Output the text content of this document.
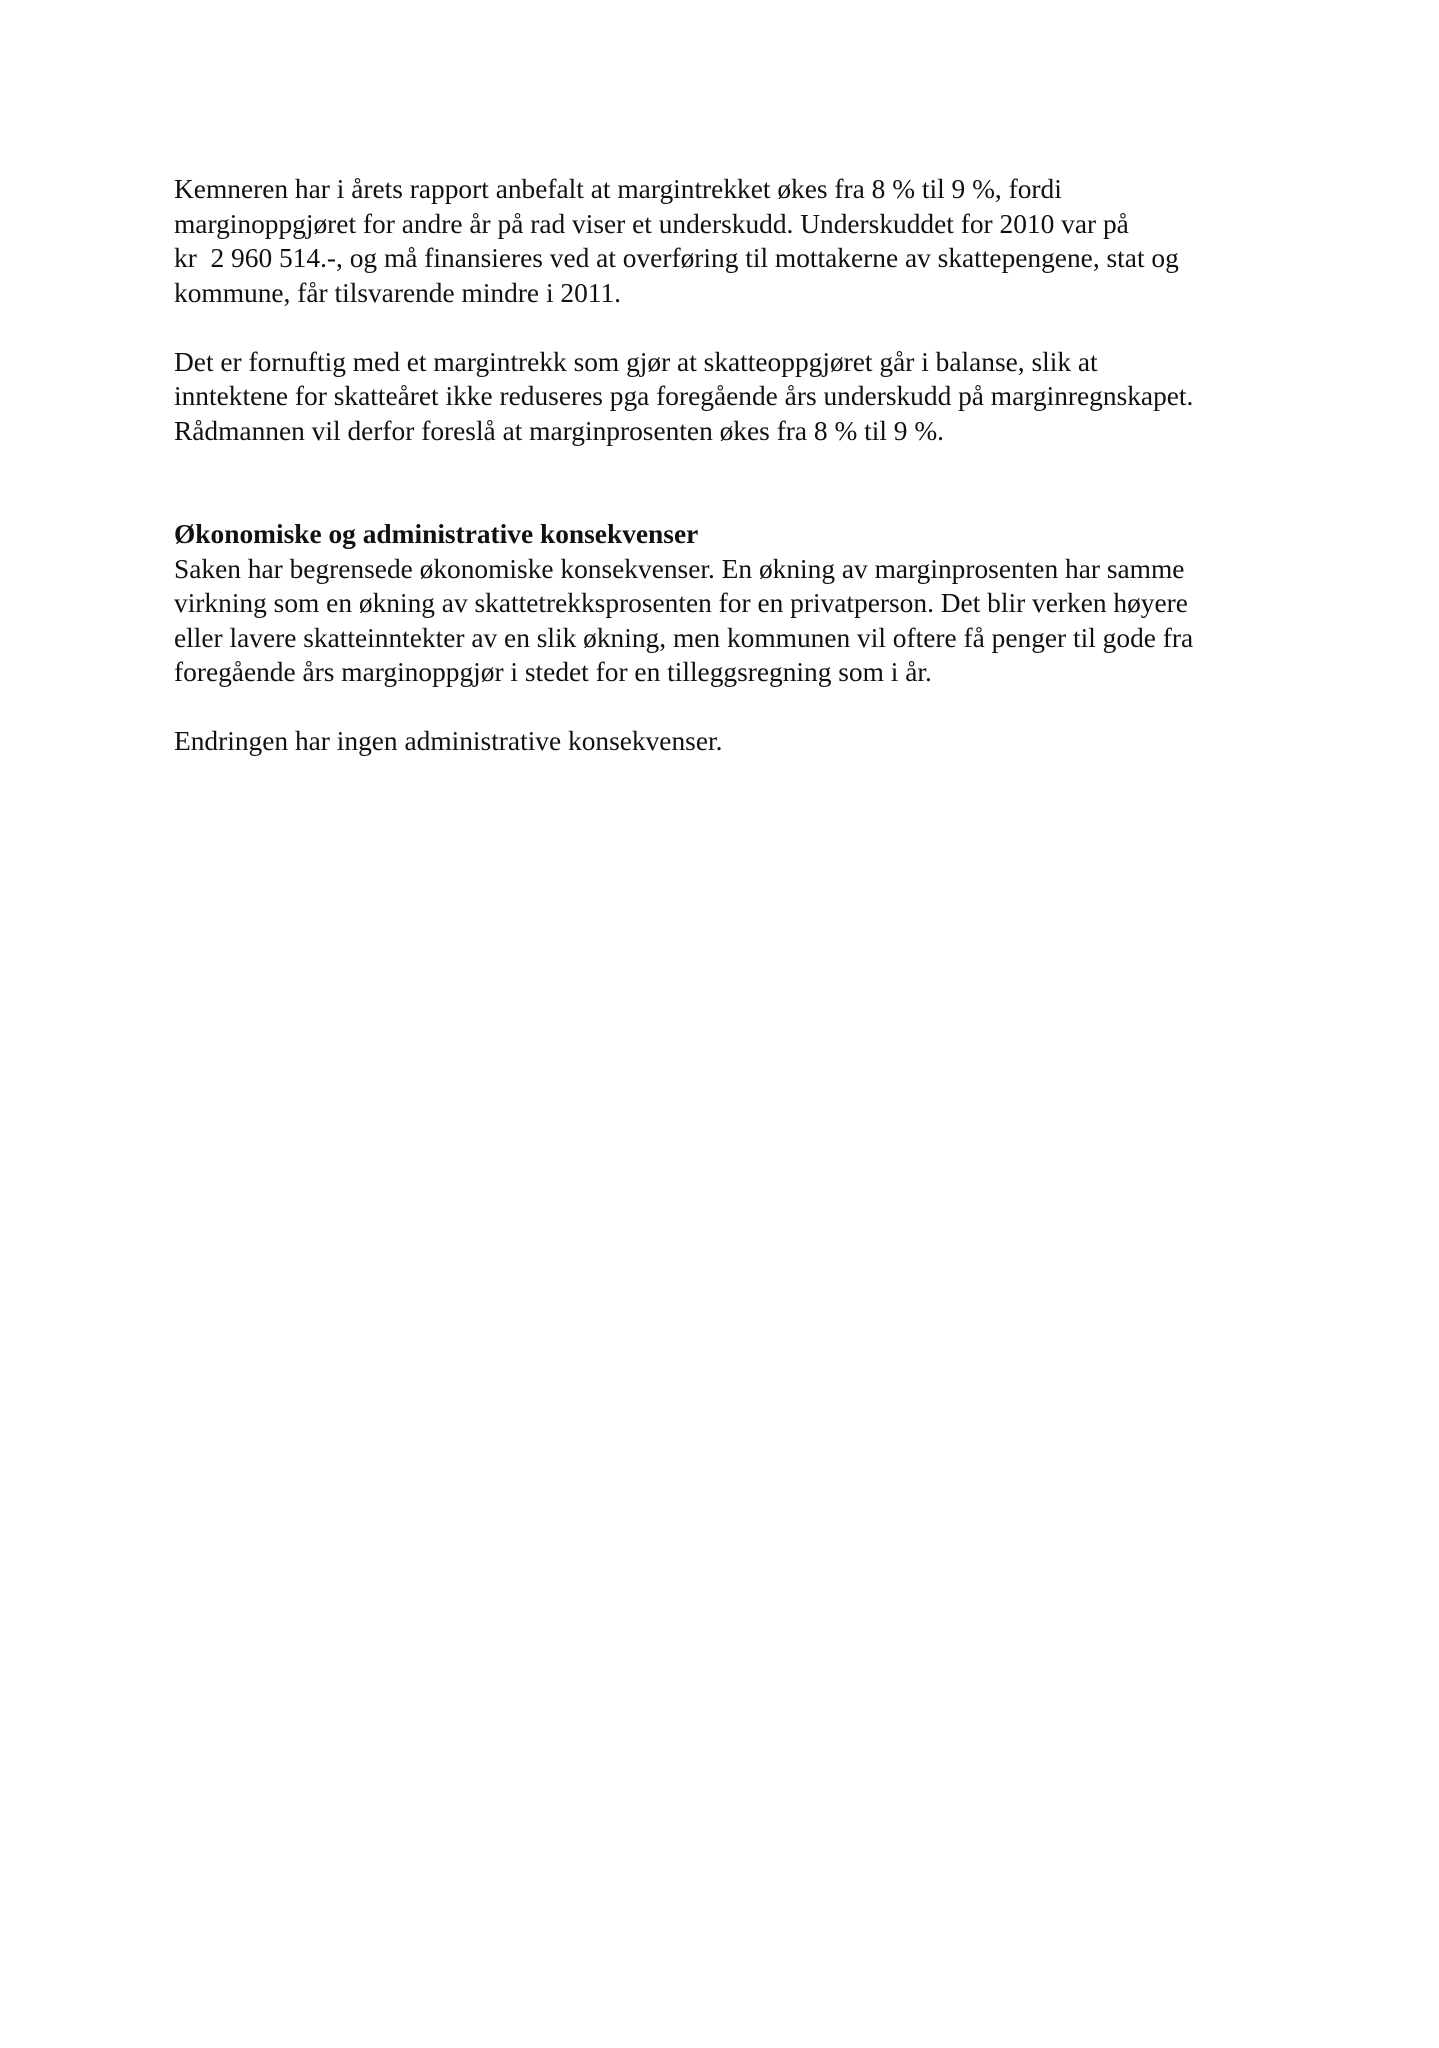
Kemneren har i årets rapport anbefalt at margintrekket økes fra 8 % til 9 %, fordi
marginoppgjøret for andre år på rad viser et underskudd. Underskuddet for 2010 var på
kr  2 960 514.-, og må finansieres ved at overføring til mottakerne av skattepengene, stat og
kommune, får tilsvarende mindre i 2011.
Det er fornuftig med et margintrekk som gjør at skatteoppgjøret går i balanse, slik at
inntektene for skatteåret ikke reduseres pga foregående års underskudd på marginregnskapet.
Rådmannen vil derfor foreslå at marginprosenten økes fra 8 % til 9 %.
Økonomiske og administrative konsekvenser
Saken har begrensede økonomiske konsekvenser. En økning av marginprosenten har samme
virkning som en økning av skattetrekksprosenten for en privatperson. Det blir verken høyere
eller lavere skatteinntekter av en slik økning, men kommunen vil oftere få penger til gode fra
foregående års marginoppgjør i stedet for en tilleggsregning som i år.
Endringen har ingen administrative konsekvenser.
